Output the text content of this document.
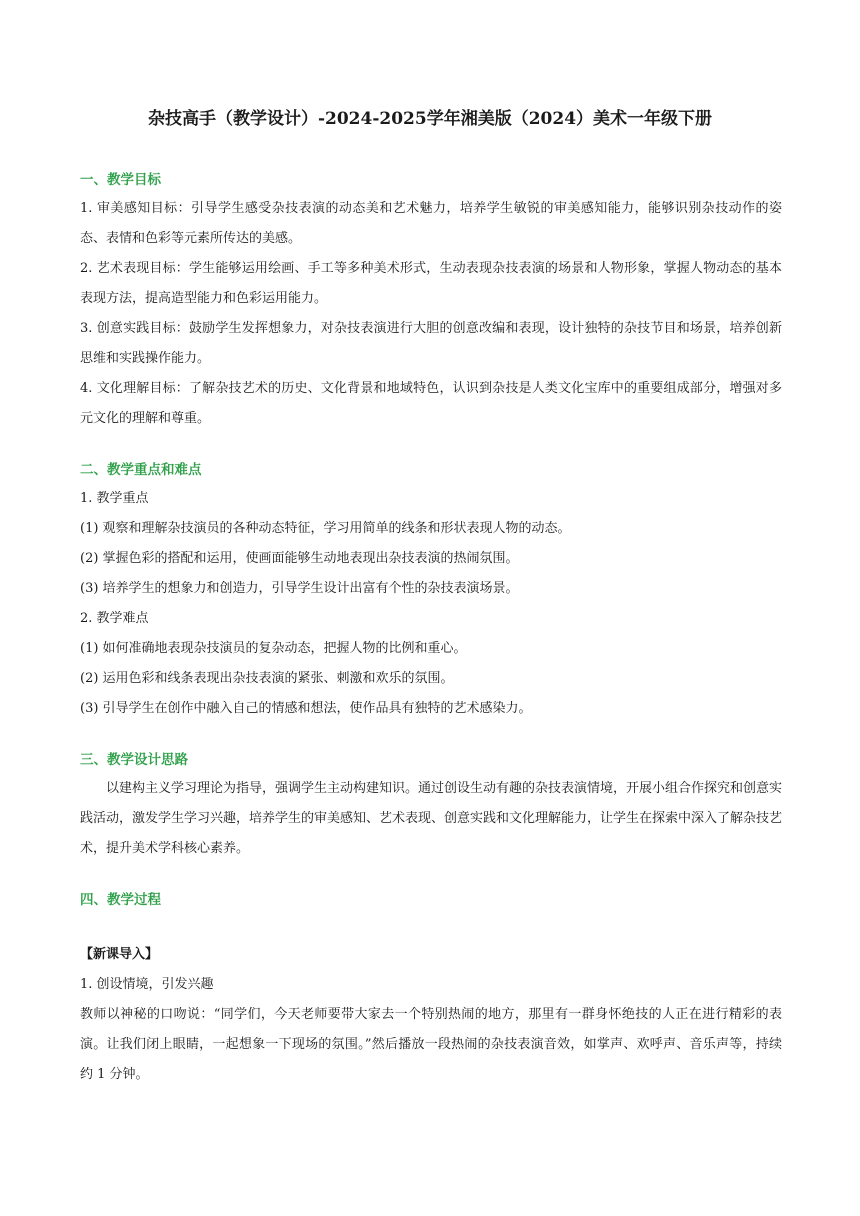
杂技高手（教学设计）-2024-2025学年湘美版（2024）美术一年级下册
一、教学目标
1. 审美感知目标：引导学生感受杂技表演的动态美和艺术魅力，培养学生敏锐的审美感知能力，能够识别杂技动作的姿态、表情和色彩等元素所传达的美感。
2. 艺术表现目标：学生能够运用绘画、手工等多种美术形式，生动表现杂技表演的场景和人物形象，掌握人物动态的基本表现方法，提高造型能力和色彩运用能力。
3. 创意实践目标：鼓励学生发挥想象力，对杂技表演进行大胆的创意改编和表现，设计独特的杂技节目和场景，培养创新思维和实践操作能力。
4. 文化理解目标：了解杂技艺术的历史、文化背景和地域特色，认识到杂技是人类文化宝库中的重要组成部分，增强对多元文化的理解和尊重。
二、教学重点和难点
1. 教学重点
(1) 观察和理解杂技演员的各种动态特征，学习用简单的线条和形状表现人物的动态。
(2) 掌握色彩的搭配和运用，使画面能够生动地表现出杂技表演的热闹氛围。
(3) 培养学生的想象力和创造力，引导学生设计出富有个性的杂技表演场景。
2. 教学难点
(1) 如何准确地表现杂技演员的复杂动态，把握人物的比例和重心。
(2) 运用色彩和线条表现出杂技表演的紧张、刺激和欢乐的氛围。
(3) 引导学生在创作中融入自己的情感和想法，使作品具有独特的艺术感染力。
三、教学设计思路
以建构主义学习理论为指导，强调学生主动构建知识。通过创设生动有趣的杂技表演情境，开展小组合作探究和创意实践活动，激发学生学习兴趣，培养学生的审美感知、艺术表现、创意实践和文化理解能力，让学生在探索中深入了解杂技艺术，提升美术学科核心素养。
四、教学过程
【新课导入】
1. 创设情境，引发兴趣
教师以神秘的口吻说：“同学们，今天老师要带大家去一个特别热闹的地方，那里有一群身怀绝技的人正在进行精彩的表演。让我们闭上眼睛，一起想象一下现场的氛围。”然后播放一段热闹的杂技表演音效，如掌声、欢呼声、音乐声等，持续约 1 分钟。
